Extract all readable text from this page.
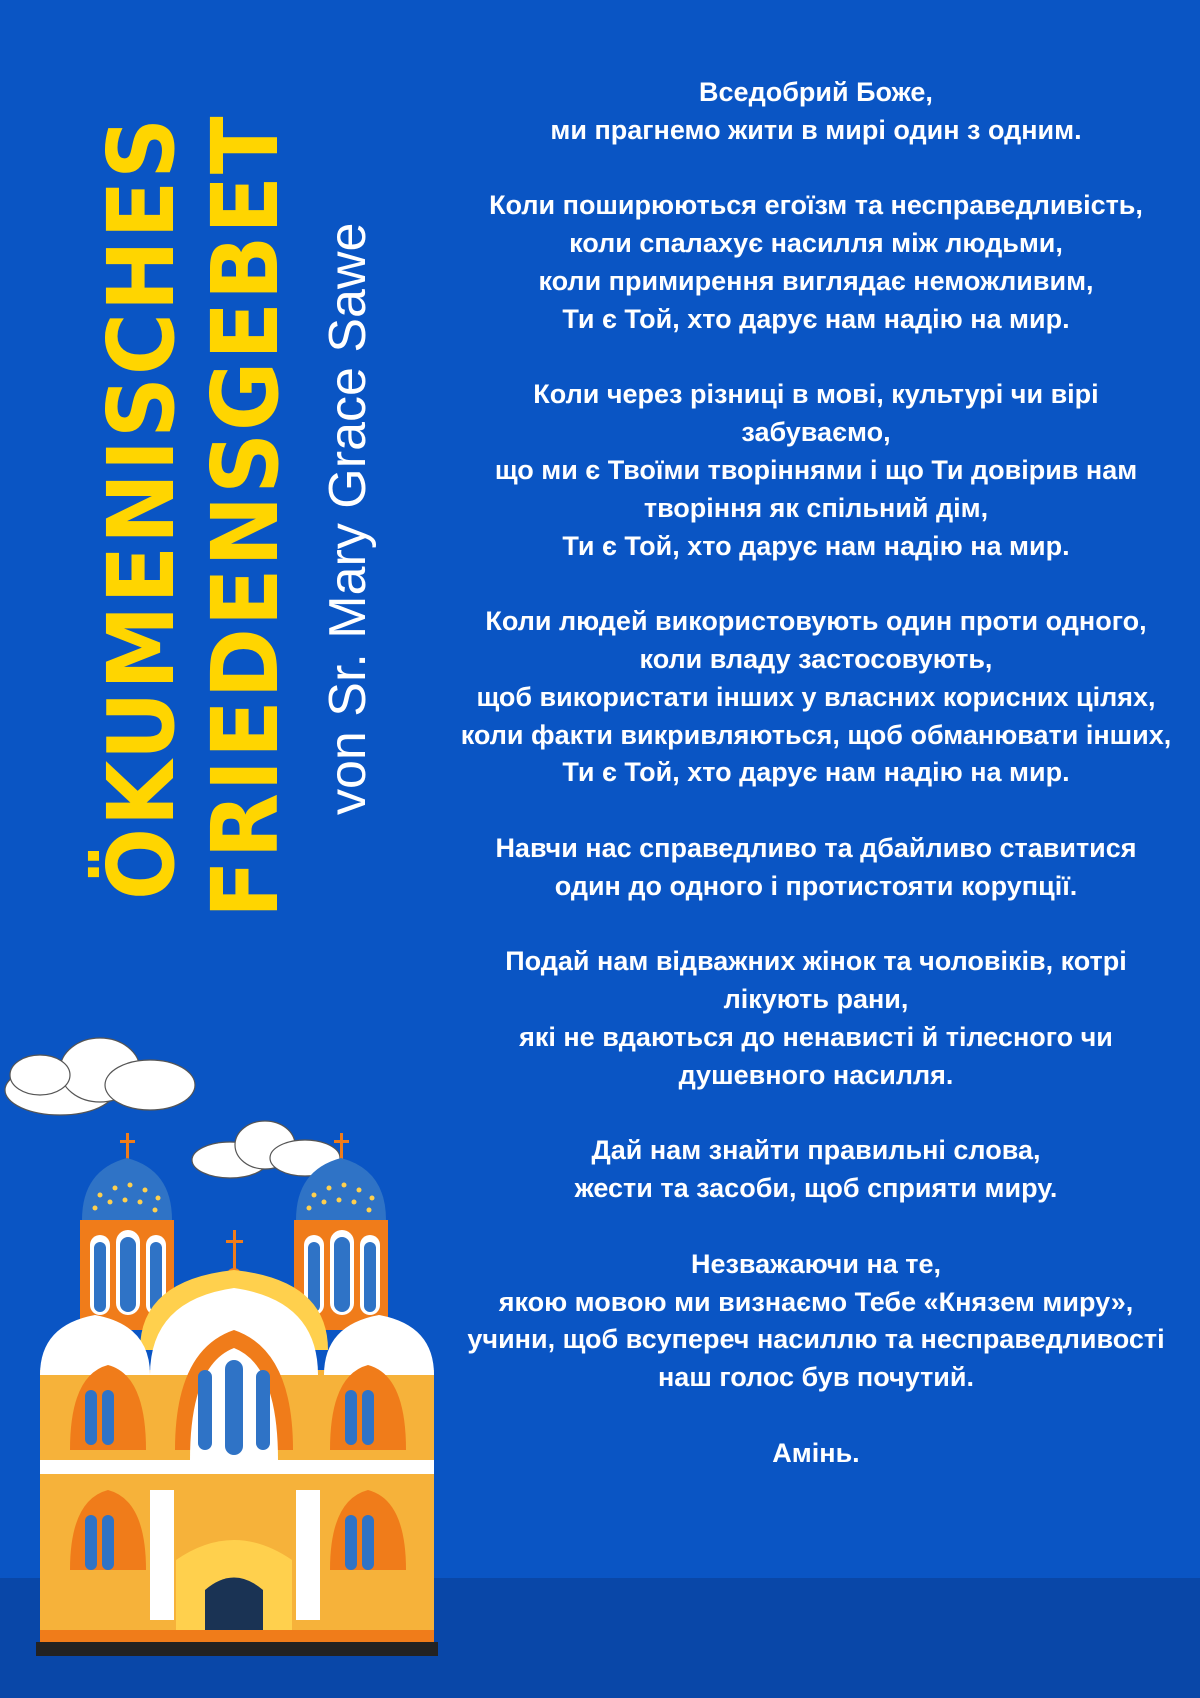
ÖKUMENISCHES
FRIEDENSGEBET von Sr. Mary Grace Sawe
Вседобрий Боже,
ми прагнемо жити в мирі один з одним.
Коли поширюються егоїзм та несправедливість,
коли спалахує насилля між людьми,
коли примирення виглядає неможливим,
Ти є Той, хто дарує нам надію на мир.
Коли через різниці в мові, культурі чи вірі забуваємо,
що ми є Твоїми творіннями і що Ти довірив нам творіння як спільний дім,
Ти є Той, хто дарує нам надію на мир.
Коли людей використовують один проти одного,
коли владу застосовують,
щоб використати інших у власних корисних цілях,
коли факти викривляються, щоб обманювати інших,
Ти є Той, хто дарує нам надію на мир.
Навчи нас справедливо та дбайливо ставитися один до одного і протистояти корупції.
Подай нам відважних жінок та чоловіків, котрі лікують рани,
які не вдаються до ненависті й тілесного чи душевного насилля.
Дай нам знайти правильні слова,
жести та засоби, щоб сприяти миру.
Незважаючи на те,
якою мовою ми визнаємо Тебе «Князем миру»,
учини, щоб всупереч насиллю та несправедливості наш голос був почутий.
Амінь.
